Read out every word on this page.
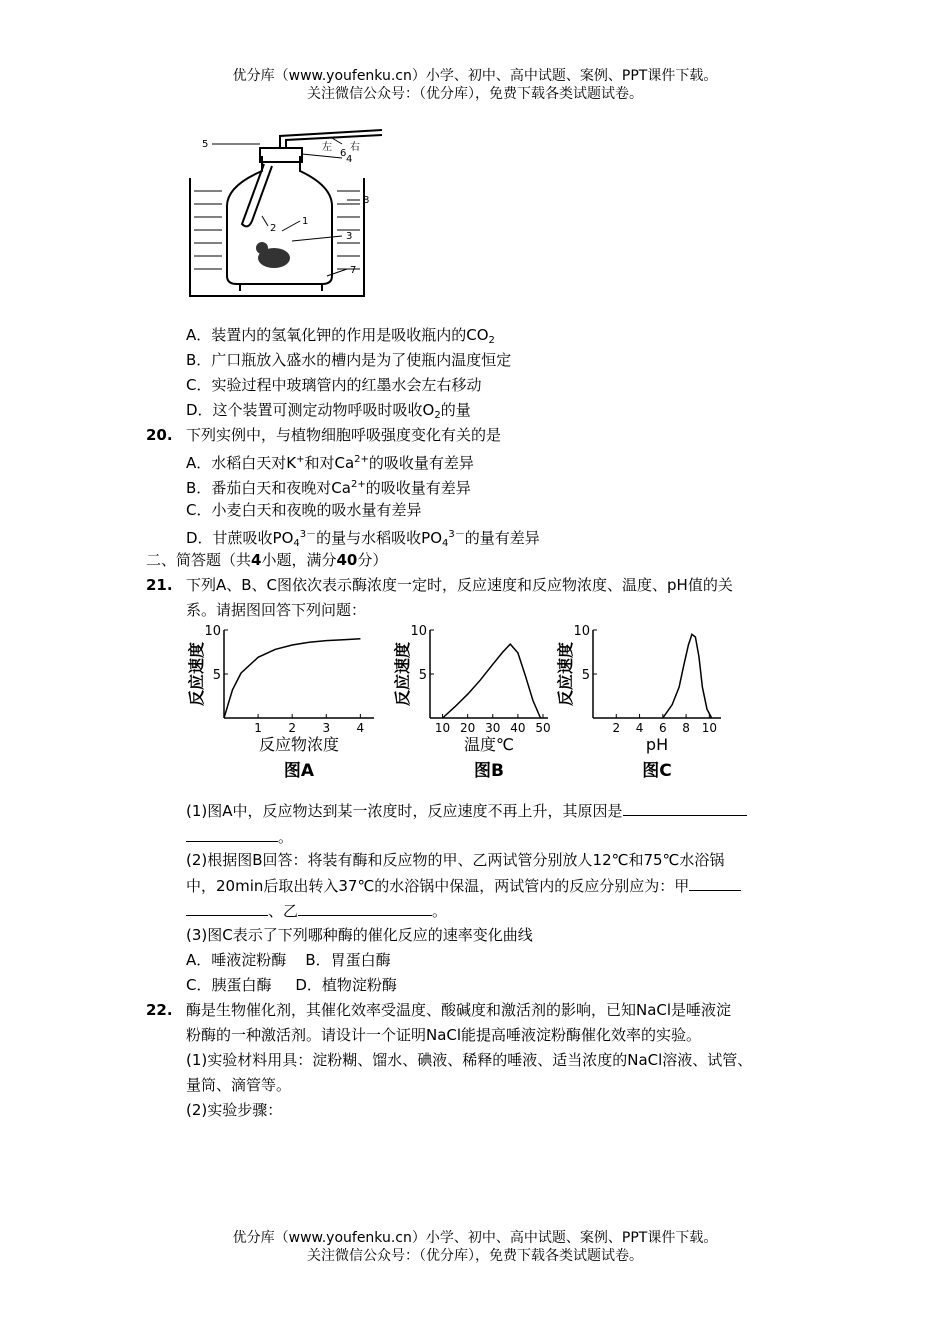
优分库（www.youfenku.cn）小学、初中、高中试题、案例、PPT课件下载。
关注微信公众号：（优分库），免费下载各类试题试卷。
5
4
左
6
右
8
2
1
3
7
A．装置内的氢氧化钾的作用是吸收瓶内的$CO_2$
B．广口瓶放入盛水的槽内是为了使瓶内温度恒定
C．实验过程中玻璃管内的红墨水会左右移动
D．这个装置可测定动物呼吸时吸收$O_2$的量
20. 下列实例中，与植物细胞呼吸强度变化有关的是
A．水稻白天对K+和对$Ca^{2+}$的吸收量有差异
B．番茄白天和夜晚对$Ca^{2+}$的吸收量有差异
C．小麦白天和夜晚的吸水量有差异
D．甘蔗吸收$PO_4^{3-}$的量与水稻吸收$PO_4^{3-}$的量有差异
二、简答题（共4小题，满分40分）
21. 下列A、B、C图依次表示酶浓度一定时，反应速度和反应物浓度、温度、pH值的关
系。请据图回答下列问题：
5
10
1 2 3 4
反应速度
反应物浓度
图A
5
10
10 20 30 40 50
反应速度
温度℃
图B
5
10
2 4 6 8 10
反应速度
pH
图C
(1)图A中，反应物达到某一浓度时，反应速度不再上升，其原因是
。
(2)根据图B回答：将装有酶和反应物的甲、乙两试管分别放人12℃和75℃水浴锅
中，20min后取出转入37℃的水浴锅中保温，两试管内的反应分别应为：甲
、乙	。
(3)图C表示了下列哪种酶的催化反应的速率变化曲线
A．唾液淀粉酶    B．胃蛋白酶
C．胰蛋白酶     D．植物淀粉酶
22. 酶是生物催化剂，其催化效率受温度、酸碱度和激活剂的影响，已知NaCl是唾液淀
粉酶的一种激活剂。请设计一个证明NaCl能提高唾液淀粉酶催化效率的实验。
(1)实验材料用具：淀粉糊、馏水、碘液、稀释的唾液、适当浓度的NaCl溶液、试管、
量筒、滴管等。
(2)实验步骤：
优分库（www.youfenku.cn）小学、初中、高中试题、案例、PPT课件下载。
关注微信公众号：（优分库），免费下载各类试题试卷。
